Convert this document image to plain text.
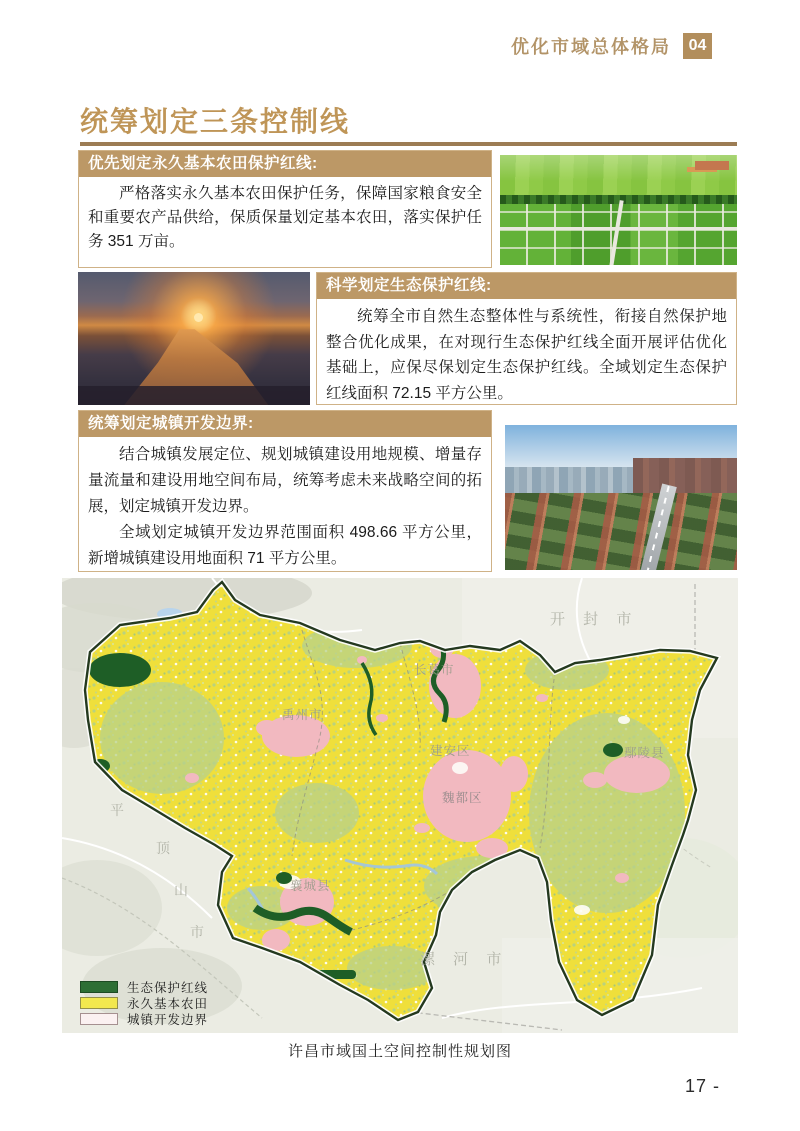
优化市域总体格局	04
统筹划定三条控制线
优先划定永久基本农田保护红线:

严格落实永久基本农田保护任务，保障国家粮食安全和重要农产品供给，保质保量划定基本农田，落实保护任务 351 万亩。

科学划定生态保护红线:

统筹全市自然生态整体性与系统性，衔接自然保护地整合优化成果，在对现行生态保护红线全面开展评估优化基础上，应保尽保划定生态保护红线。全域划定生态保护红线面积 72.15 平方公里。

统筹划定城镇开发边界:

结合城镇发展定位、规划城镇建设用地规模、增量存量流量和建设用地空间布局，统筹考虑未来战略空间的拓展，划定城镇开发边界。

全域划定城镇开发边界范围面积 498.66 平方公里，新增城镇建设用地面积 71 平方公里。

开 封 市
长葛市
禹州市
建安区
魏都区
鄢陵县
襄城县
漯 河 市
平
顶
山
市
生态保护红线
永久基本农田
城镇开发边界
许昌市域国土空间控制性规划图
17 -
